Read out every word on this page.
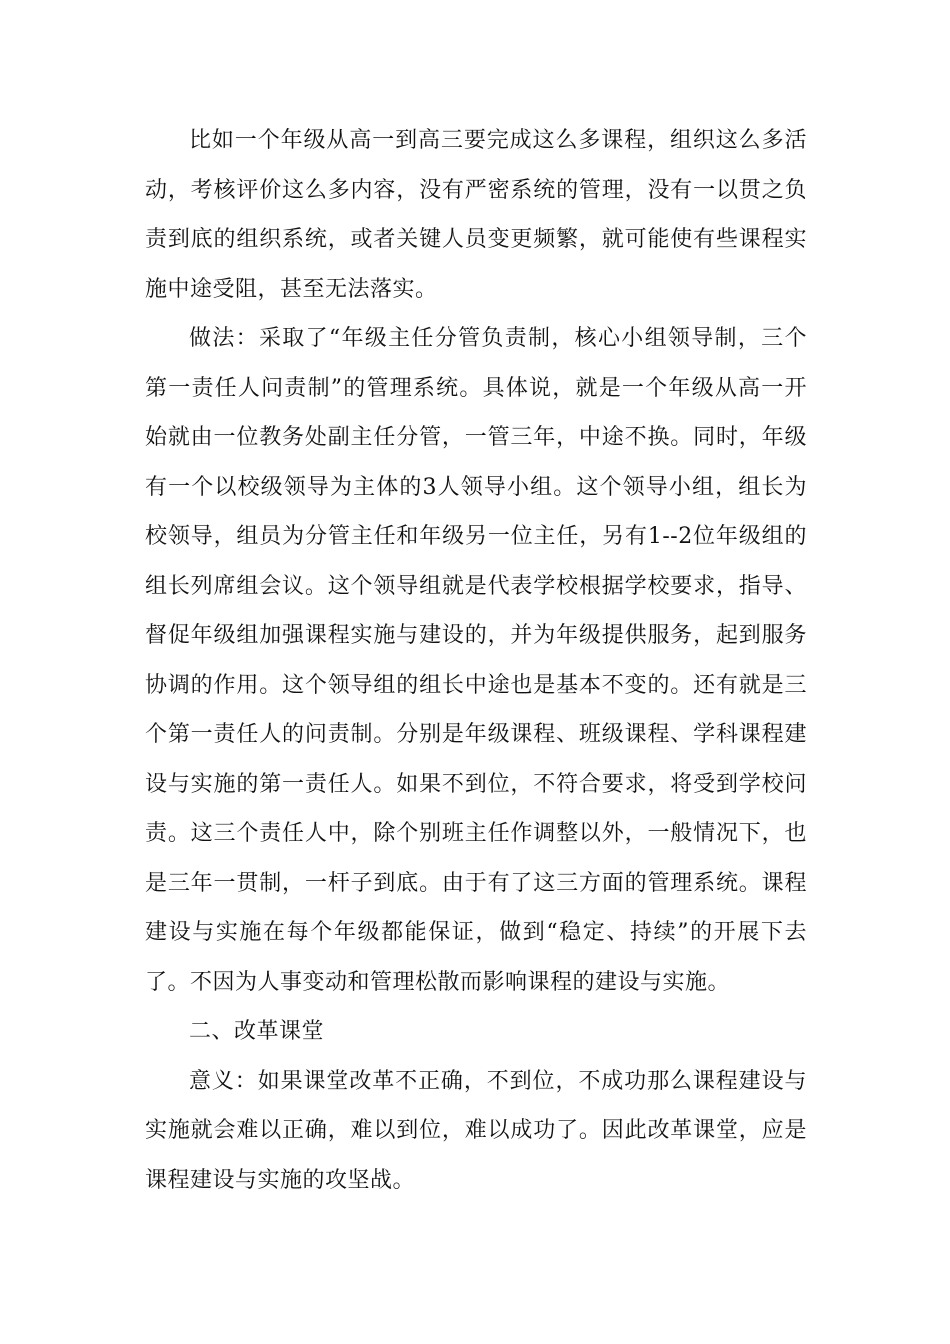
比如一个年级从高一到高三要完成这么多课程，组织这么多活动，考核评价这么多内容，没有严密系统的管理，没有一以贯之负责到底的组织系统，或者关键人员变更频繁，就可能使有些课程实施中途受阻，甚至无法落实。

做法：采取了“年级主任分管负责制，核心小组领导制，三个第一责任人问责制”的管理系统。具体说，就是一个年级从高一开始就由一位教务处副主任分管，一管三年，中途不换。同时，年级有一个以校级领导为主体的3人领导小组。这个领导小组，组长为校领导，组员为分管主任和年级另一位主任，另有1--2位年级组的组长列席组会议。这个领导组就是代表学校根据学校要求，指导、督促年级组加强课程实施与建设的，并为年级提供服务，起到服务协调的作用。这个领导组的组长中途也是基本不变的。还有就是三个第一责任人的问责制。分别是年级课程、班级课程、学科课程建设与实施的第一责任人。如果不到位，不符合要求，将受到学校问责。这三个责任人中，除个别班主任作调整以外，一般情况下，也是三年一贯制，一杆子到底。由于有了这三方面的管理系统。课程建设与实施在每个年级都能保证，做到“稳定、持续”的开展下去了。不因为人事变动和管理松散而影响课程的建设与实施。

二、改革课堂

意义：如果课堂改革不正确，不到位，不成功那么课程建设与实施就会难以正确，难以到位，难以成功了。因此改革课堂，应是课程建设与实施的攻坚战。
